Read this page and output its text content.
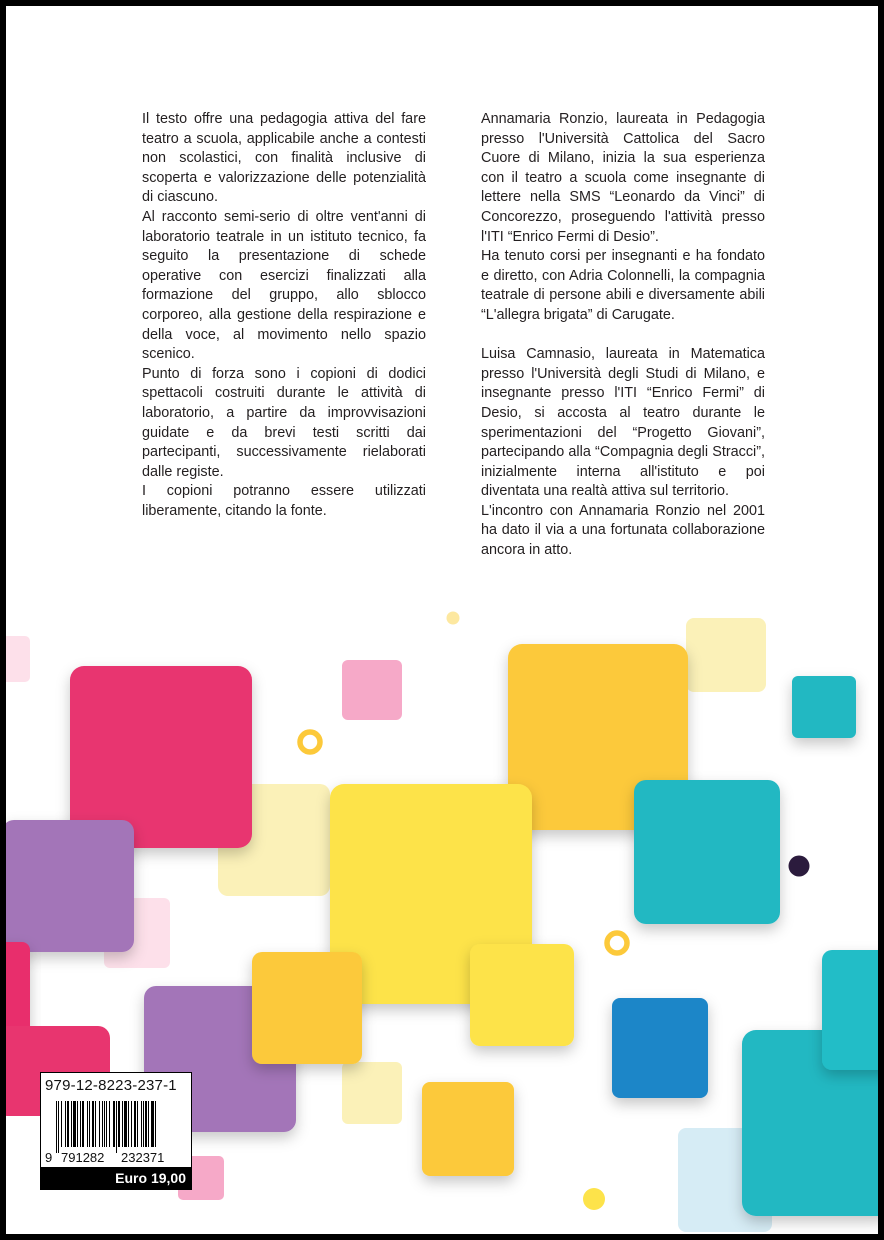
Il testo offre una pedagogia attiva del fare teatro a scuola, applicabile anche a contesti non scolastici, con finalità inclusive di scoperta e valorizzazione delle potenzialità di ciascuno.

Al racconto semi-serio di oltre vent'anni di laboratorio teatrale in un istituto tecnico, fa seguito la presentazione di schede operative con esercizi finalizzati alla formazione del gruppo, allo sblocco corporeo, alla gestione della respirazione e della voce, al movimento nello spazio scenico.

Punto di forza sono i copioni di dodici spettacoli costruiti durante le attività di laboratorio, a partire da improvvisazioni guidate e da brevi testi scritti dai partecipanti, successivamente rielaborati dalle registe.

I copioni potranno essere utilizzati liberamente, citando la fonte.

Annamaria Ronzio, laureata in Pedagogia presso l'Università Cattolica del Sacro Cuore di Milano, inizia la sua esperienza con il teatro a scuola come insegnante di lettere nella SMS “Leonardo da Vinci” di Concorezzo, proseguendo l'attività presso l'ITI “Enrico Fermi di Desio”.

Ha tenuto corsi per insegnanti e ha fondato e diretto, con Adria Colonnelli, la compagnia teatrale di persone abili e diversamente abili “L'allegra brigata” di Carugate.

Luisa Camnasio, laureata in Matematica presso l'Università degli Studi di Milano, e insegnante presso l'ITI “Enrico Fermi” di Desio, si accosta al teatro durante le sperimentazioni del “Progetto Giovani”, partecipando alla “Compagnia degli Stracci”, inizialmente interna all'istituto e poi diventata una realtà attiva sul territorio.

L'incontro con Annamaria Ronzio nel 2001 ha dato il via a una fortunata collaborazione ancora in atto.

979-12-8223-237-1
9 791282 232371
Euro 19,00
